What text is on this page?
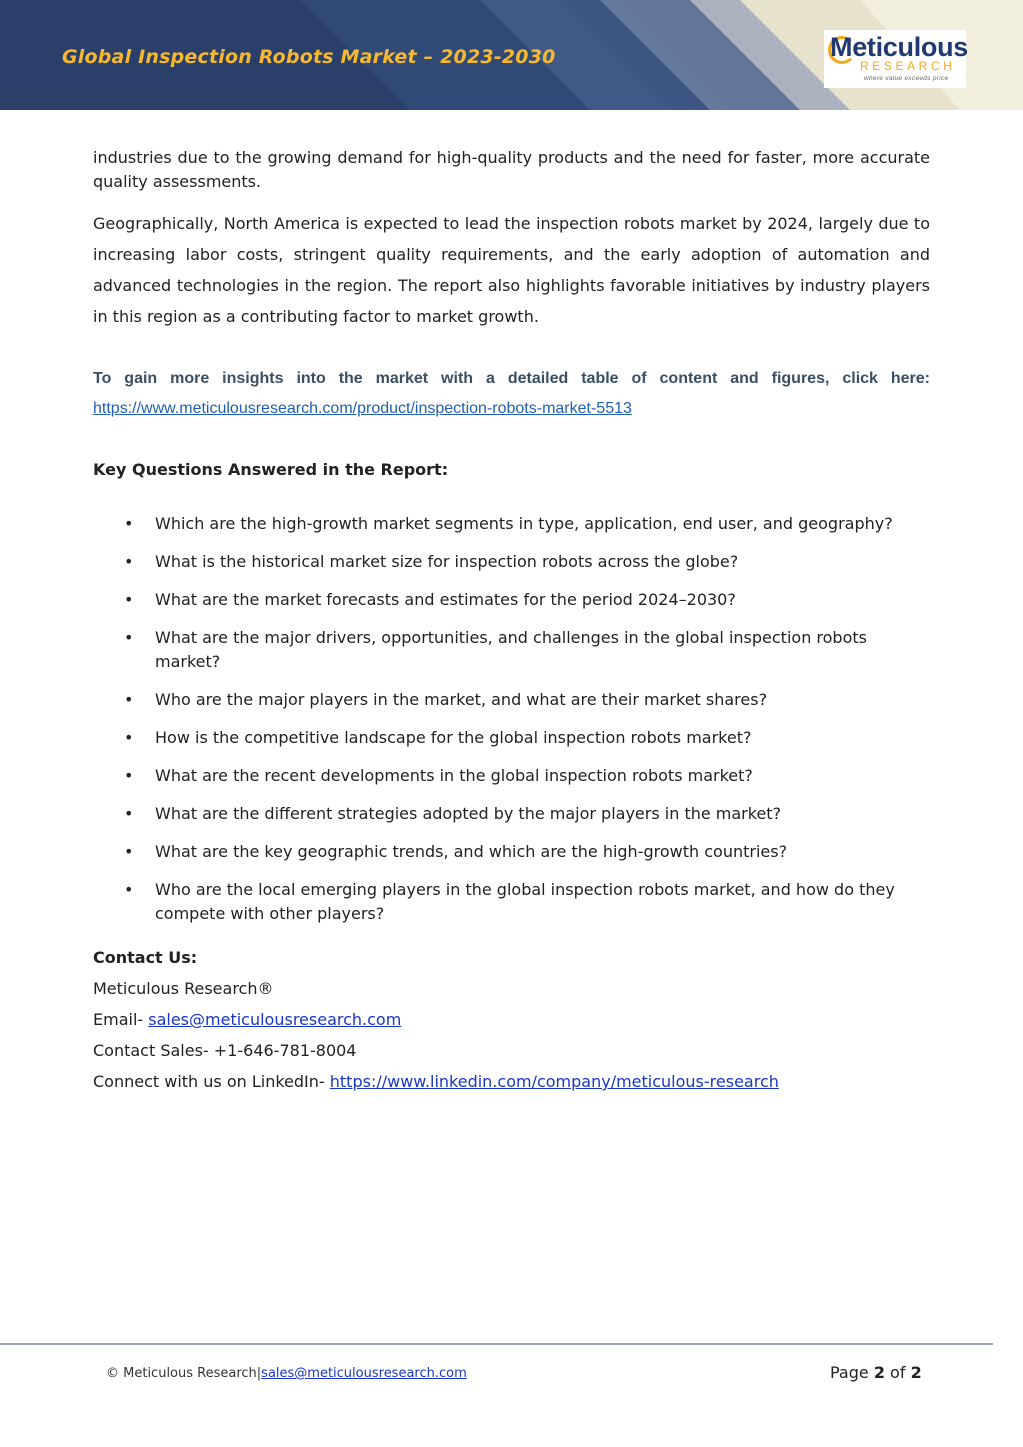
Global Inspection Robots Market – 2023-2030	Meticulous
RESEARCH
where value exceeds price

industries due to the growing demand for high-quality products and the need for faster, more accurate quality assessments.

Geographically, North America is expected to lead the inspection robots market by 2024, largely due to increasing labor costs, stringent quality requirements, and the early adoption of automation and advanced technologies in the region. The report also highlights favorable initiatives by industry players in this region as a contributing factor to market growth.

To gain more insights into the market with a detailed table of content and figures, click here:

https://www.meticulousresearch.com/product/inspection-robots-market-5513

Key Questions Answered in the Report:

• Which are the high-growth market segments in type, application, end user, and geography?
• What is the historical market size for inspection robots across the globe?
• What are the market forecasts and estimates for the period 2024–2030?
• What are the major drivers, opportunities, and challenges in the global inspection robots market?
• Who are the major players in the market, and what are their market shares?
• How is the competitive landscape for the global inspection robots market?
• What are the recent developments in the global inspection robots market?
• What are the different strategies adopted by the major players in the market?
• What are the key geographic trends, and which are the high-growth countries?
• Who are the local emerging players in the global inspection robots market, and how do they compete with other players?

Contact Us:

Meticulous Research®

Email- sales@meticulousresearch.com

Contact Sales- +1-646-781-8004

Connect with us on LinkedIn- https://www.linkedin.com/company/meticulous-research

© Meticulous Research|sales@meticulousresearch.com	Page 2 of 2
